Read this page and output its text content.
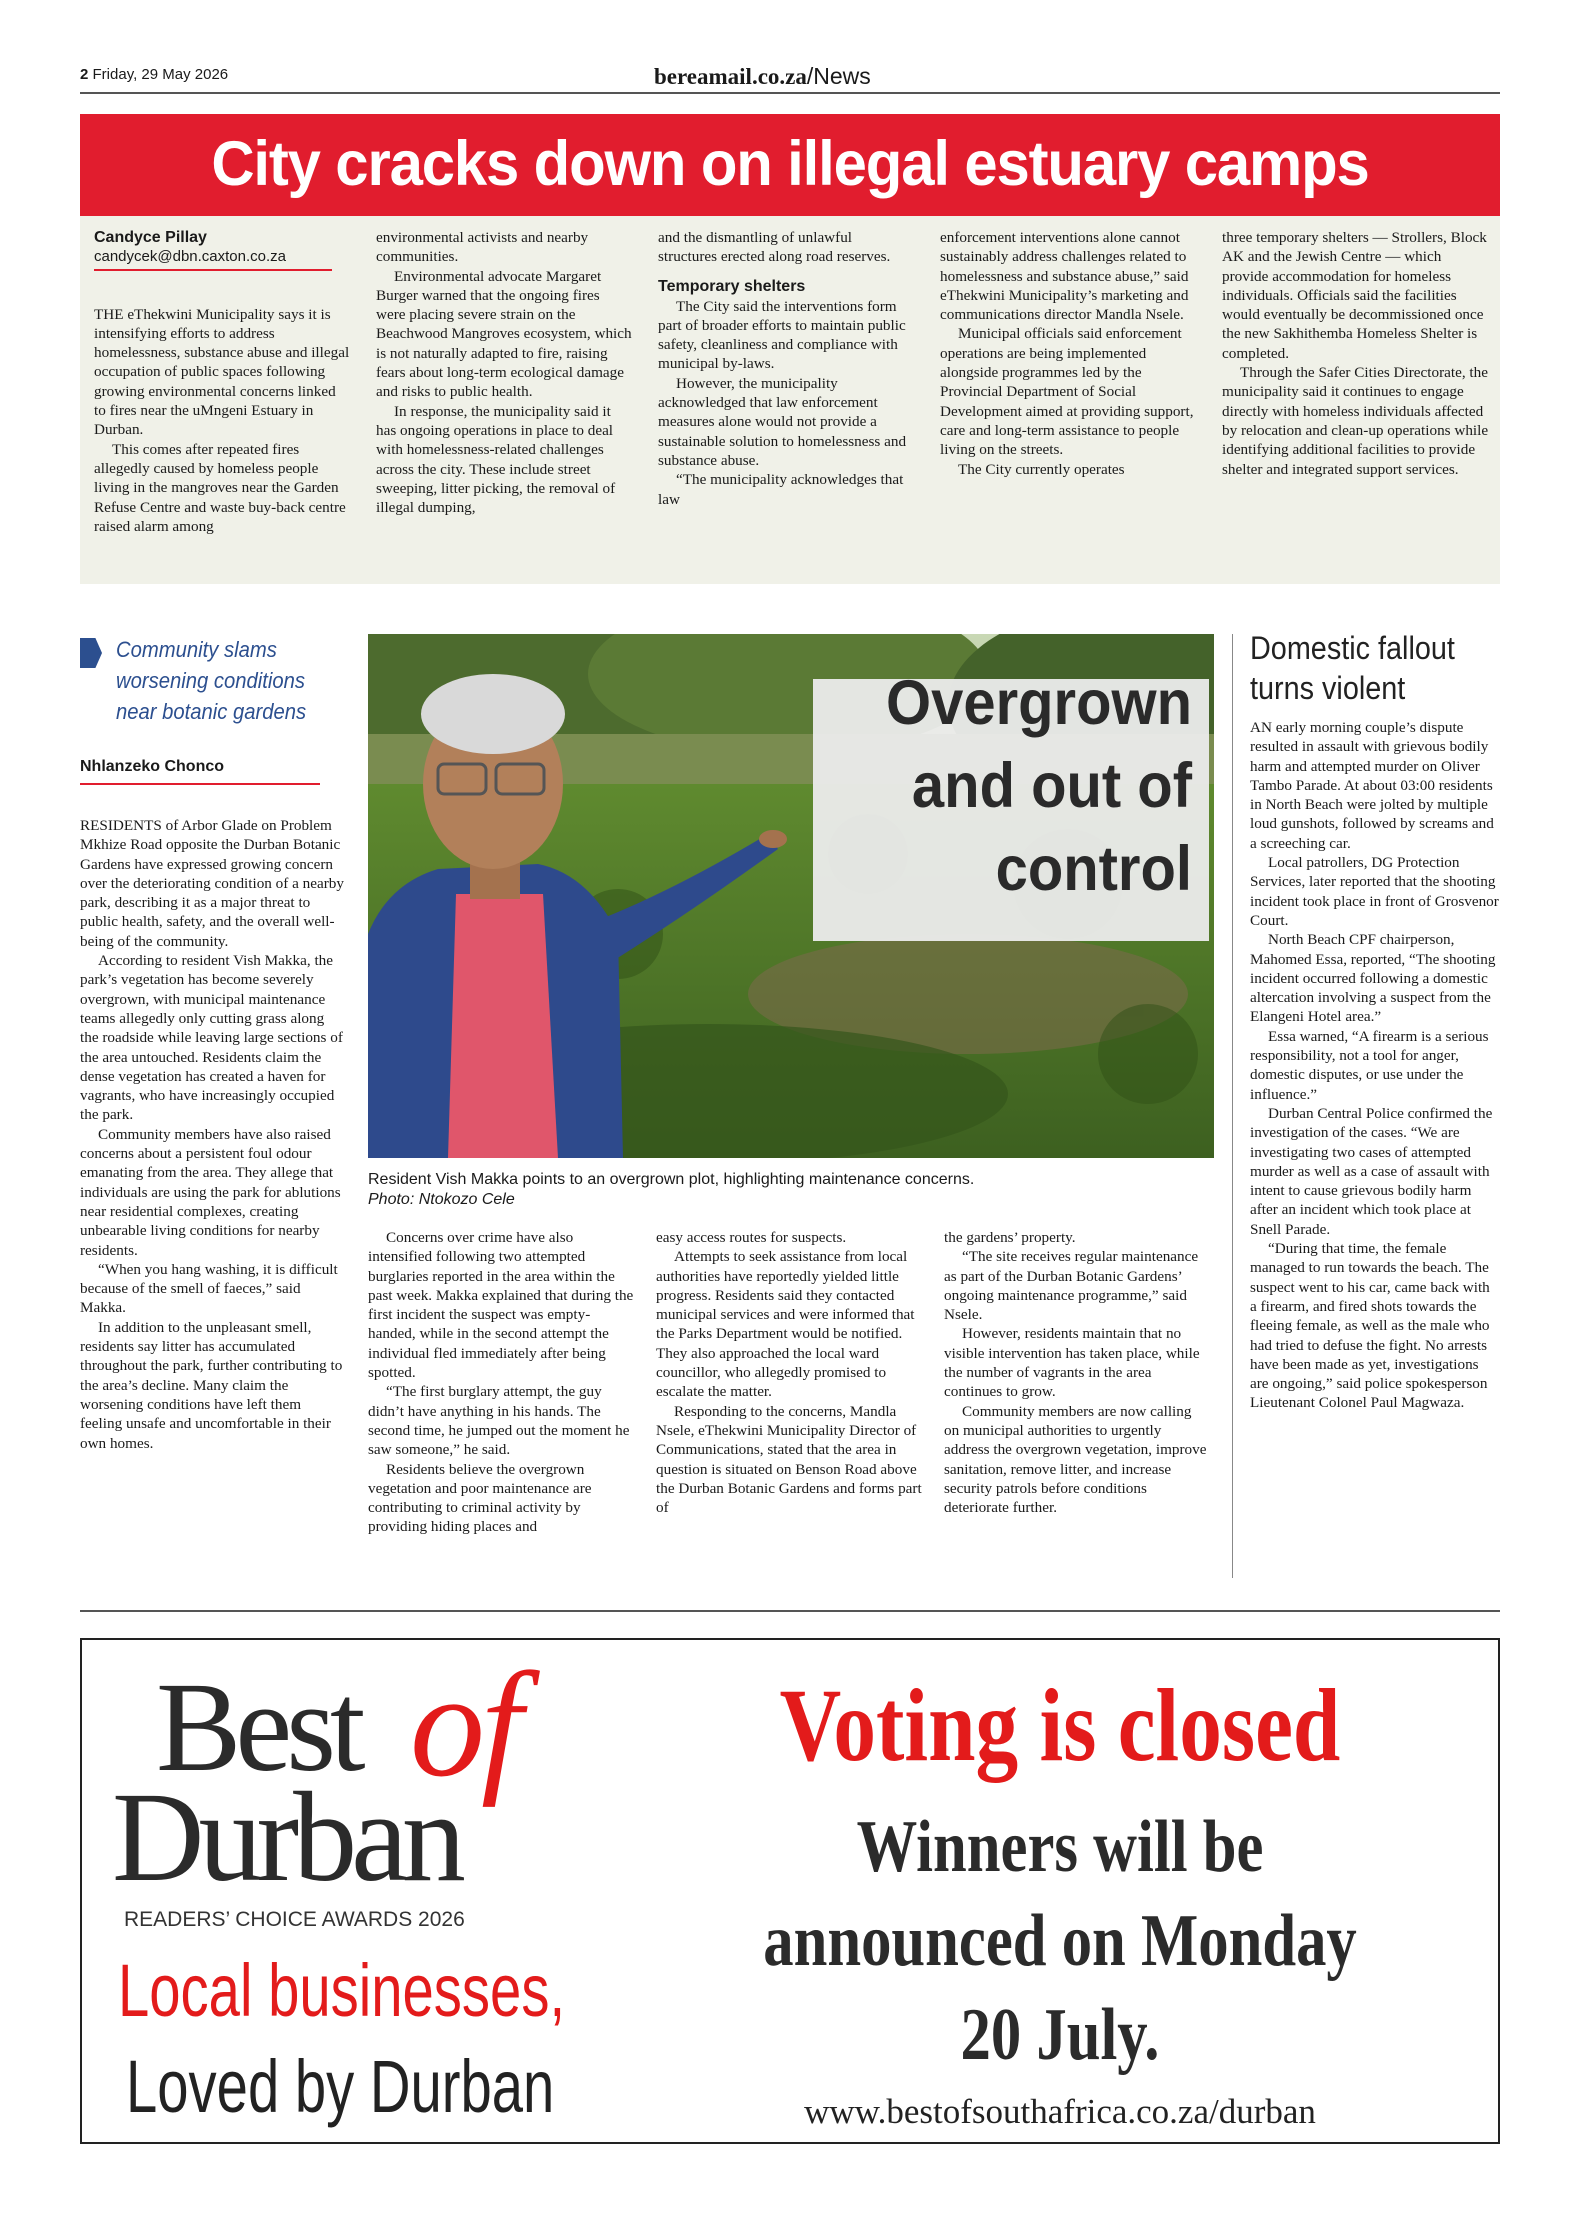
2 Friday, 29 May 2026	bereamail.co.za/News
City cracks down on illegal estuary camps
Candyce Pillay
candycek@dbn.caxton.co.za

THE eThekwini Municipality says it is intensifying efforts to address homelessness, substance abuse and illegal occupation of public spaces following growing environmental concerns linked to fires near the uMngeni Estuary in Durban.

This comes after repeated fires allegedly caused by homeless people living in the mangroves near the Garden Refuse Centre and waste buy-back centre raised alarm among

environmental activists and nearby communities.

Environmental advocate Margaret Burger warned that the ongoing fires were placing severe strain on the Beachwood Mangroves ecosystem, which is not naturally adapted to fire, raising fears about long-term ecological damage and risks to public health.

In response, the municipality said it has ongoing operations in place to deal with homelessness-related challenges across the city. These include street sweeping, litter picking, the removal of illegal dumping,

and the dismantling of unlawful structures erected along road reserves.

Temporary shelters

The City said the interventions form part of broader efforts to maintain public safety, cleanliness and compliance with municipal by-laws.

However, the municipality acknowledged that law enforcement measures alone would not provide a sustainable solution to homelessness and substance abuse.

“The municipality acknowledges that law

enforcement interventions alone cannot sustainably address challenges related to homelessness and substance abuse,” said eThekwini Municipality’s marketing and communications director Mandla Nsele.

Municipal officials said enforcement operations are being implemented alongside programmes led by the Provincial Department of Social Development aimed at providing support, care and long-term assistance to people living on the streets.

The City currently operates

three temporary shelters — Strollers, Block AK and the Jewish Centre — which provide accommodation for homeless individuals. Officials said the facilities would eventually be decommissioned once the new Sakhithemba Homeless Shelter is completed.

Through the Safer Cities Directorate, the municipality said it continues to engage directly with homeless individuals affected by relocation and clean-up operations while identifying additional facilities to provide shelter and integrated support services.

Community slams worsening conditions near botanic gardens
Nhlanzeko Chonco
Overgrown
and out of
control
Resident Vish Makka points to an overgrown plot, highlighting maintenance concerns.
Photo: Ntokozo Cele

RESIDENTS of Arbor Glade on Problem Mkhize Road opposite the Durban Botanic Gardens have expressed growing concern over the deteriorating condition of a nearby park, describing it as a major threat to public health, safety, and the overall well-being of the community.

According to resident Vish Makka, the park’s vegetation has become severely overgrown, with municipal maintenance teams allegedly only cutting grass along the roadside while leaving large sections of the area untouched. Residents claim the dense vegetation has created a haven for vagrants, who have increasingly occupied the park.

Community members have also raised concerns about a persistent foul odour emanating from the area. They allege that individuals are using the park for ablutions near residential complexes, creating unbearable living conditions for nearby residents.

“When you hang washing, it is difficult because of the smell of faeces,” said Makka.

In addition to the unpleasant smell, residents say litter has accumulated throughout the park, further contributing to the area’s decline. Many claim the worsening conditions have left them feeling unsafe and uncomfortable in their own homes.

Concerns over crime have also intensified following two attempted burglaries reported in the area within the past week. Makka explained that during the first incident the suspect was empty-handed, while in the second attempt the individual fled immediately after being spotted.

“The first burglary attempt, the guy didn’t have anything in his hands. The second time, he jumped out the moment he saw someone,” he said.

Residents believe the overgrown vegetation and poor maintenance are contributing to criminal activity by providing hiding places and

easy access routes for suspects.

Attempts to seek assistance from local authorities have reportedly yielded little progress. Residents said they contacted municipal services and were informed that the Parks Department would be notified. They also approached the local ward councillor, who allegedly promised to escalate the matter.

Responding to the concerns, Mandla Nsele, eThekwini Municipality Director of Communications, stated that the area in question is situated on Benson Road above the Durban Botanic Gardens and forms part of

the gardens’ property.

“The site receives regular maintenance as part of the Durban Botanic Gardens’ ongoing maintenance programme,” said Nsele.

However, residents maintain that no visible intervention has taken place, while the number of vagrants in the area continues to grow.

Community members are now calling on municipal authorities to urgently address the overgrown vegetation, improve sanitation, remove litter, and increase security patrols before conditions deteriorate further.

Domestic fallout turns violent

AN early morning couple’s dispute resulted in assault with grievous bodily harm and attempted murder on Oliver Tambo Parade. At about 03:00 residents in North Beach were jolted by multiple loud gunshots, followed by screams and a screeching car.

Local patrollers, DG Protection Services, later reported that the shooting incident took place in front of Grosvenor Court.

North Beach CPF chairperson, Mahomed Essa, reported, “The shooting incident occurred following a domestic altercation involving a suspect from the Elangeni Hotel area.”

Essa warned, “A firearm is a serious responsibility, not a tool for anger, domestic disputes, or use under the influence.”

Durban Central Police confirmed the investigation of the cases. “We are investigating two cases of attempted murder as well as a case of assault with intent to cause grievous bodily harm after an incident which took place at Snell Parade.

“During that time, the female managed to run towards the beach. The suspect went to his car, came back with a firearm, and fired shots towards the fleeing female, as well as the male who had tried to defuse the fight. No arrests have been made as yet, investigations are ongoing,” said police spokesperson Lieutenant Colonel Paul Magwaza.

Best of
Durban
READERS’ CHOICE AWARDS 2026
Local businesses,
Loved by Durban
Voting is closed
Winners will be
announced on Monday
20 July.
www.bestofsouthafrica.co.za/durban
